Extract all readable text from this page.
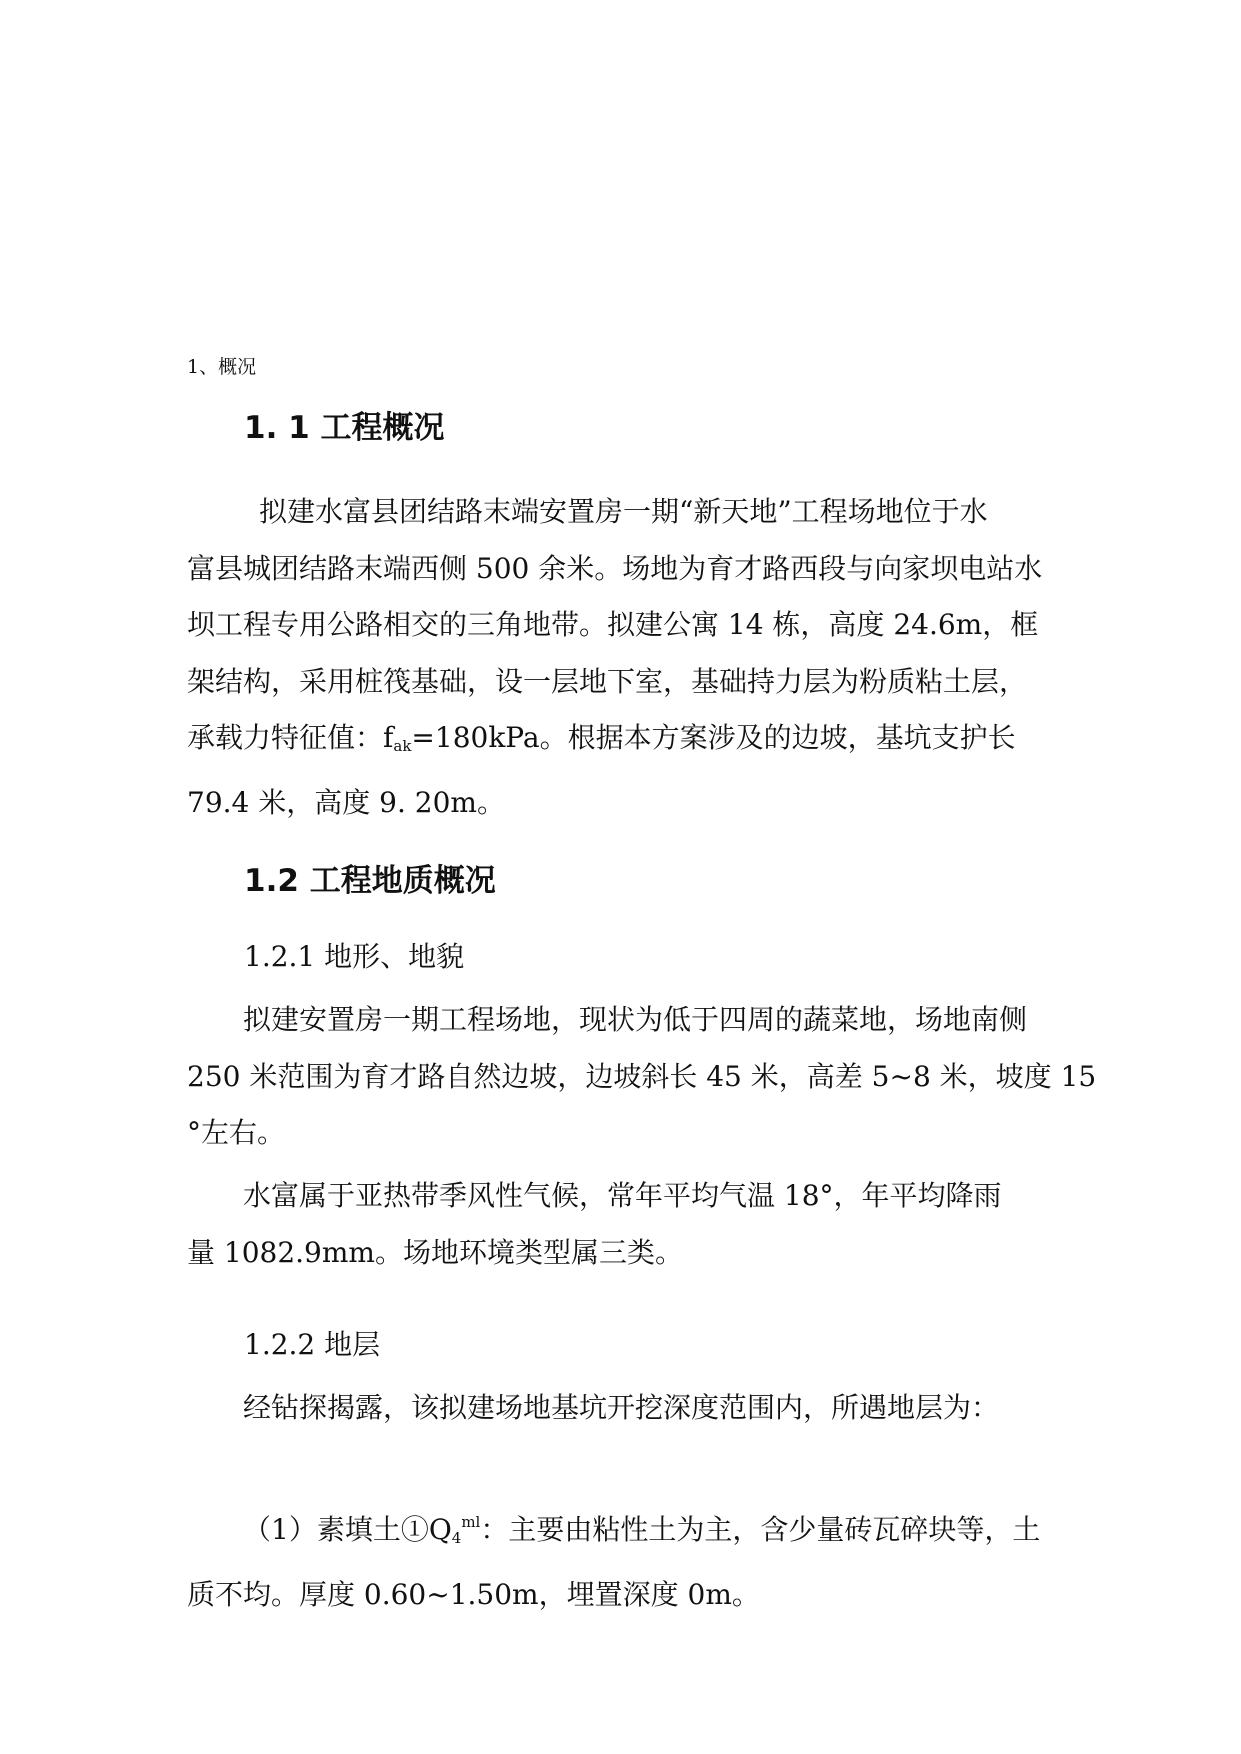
1、概况
1. 1 工程概况
拟建水富县团结路末端安置房一期“新天地”工程场地位于水
富县城团结路末端西侧 500 余米。场地为育才路西段与向家坝电站水
坝工程专用公路相交的三角地带。拟建公寓 14 栋，高度 24.6m，框
架结构，采用桩筏基础，设一层地下室，基础持力层为粉质粘土层，
承载力特征值：$f_{ak}=180kPa$。根据本方案涉及的边坡，基坑支护长
79.4 米，高度 9. 20m。
1.2 工程地质概况
1.2.1 地形、地貌
拟建安置房一期工程场地，现状为低于四周的蔬菜地，场地南侧
250 米范围为育才路自然边坡，边坡斜长 45 米，高差 5~8 米，坡度 15
°左右。
水富属于亚热带季风性气候，常年平均气温 18°，年平均降雨
量 1082.9mm。场地环境类型属三类。
1.2.2 地层
经钻探揭露，该拟建场地基坑开挖深度范围内，所遇地层为：
（1）素填土$①Q_4^{ml}$：主要由粘性土为主，含少量砖瓦碎块等，土
质不均。厚度 0.60~1.50m，埋置深度 0m。
